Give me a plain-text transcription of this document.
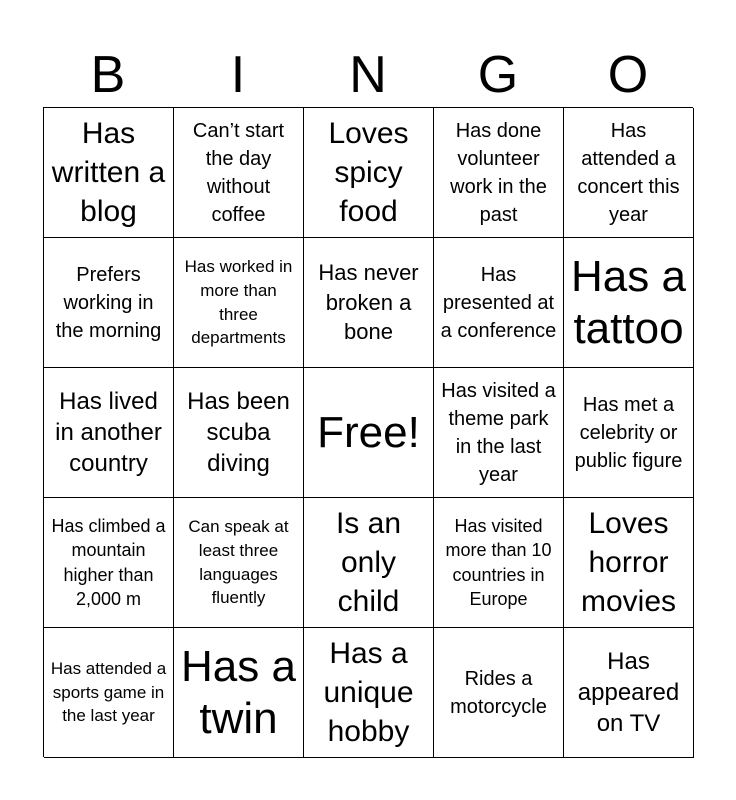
B	I	N	G	O
Has written a blog
Can’t start the day without coffee
Loves spicy food
Has done volunteer work in the past
Has attended a concert this year
Prefers working in the morning
Has worked in more than three departments
Has never broken a bone
Has presented at a conference
Has a tattoo
Has lived in another country
Has been scuba diving
Free!
Has visited a theme park in the last year
Has met a celebrity or public figure
Has climbed a mountain higher than 2,000 m
Can speak at least three languages fluently
Is an only child
Has visited more than 10 countries in Europe
Loves horror movies
Has attended a sports game in the last year
Has a twin
Has a unique hobby
Rides a motorcycle
Has appeared on TV
